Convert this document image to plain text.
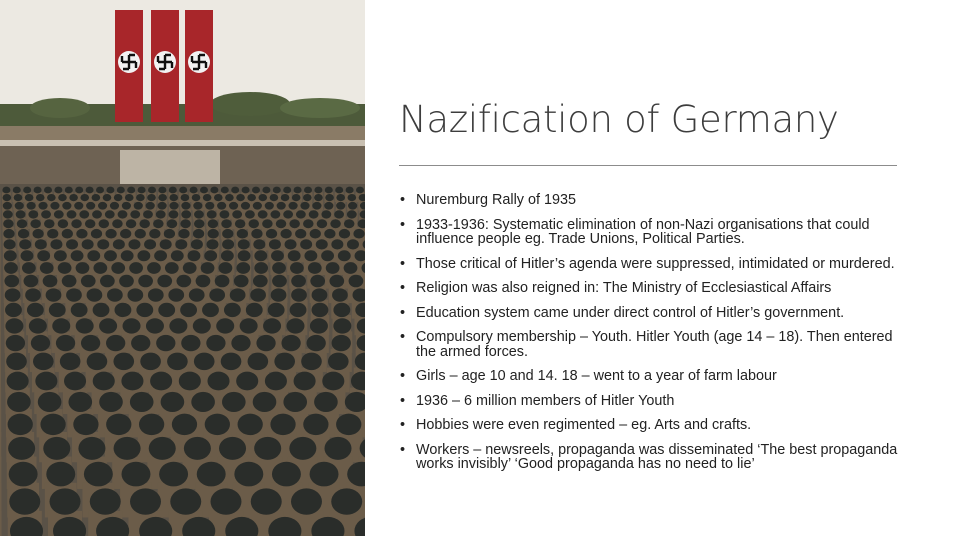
Nazification of Germany
• Nuremburg Rally of 1935
• 1933-1936: Systematic elimination of non-Nazi organisations that could influence people eg. Trade Unions, Political Parties.
• Those critical of Hitler’s agenda were suppressed, intimidated or murdered.
• Religion was also reigned in: The Ministry of Ecclesiastical Affairs
• Education system came under direct control of Hitler’s government.
• Compulsory membership – Youth. Hitler Youth (age 14 – 18). Then entered the armed forces.
• Girls – age 10 and 14. 18 – went to a year of farm labour
• 1936 – 6 million members of Hitler Youth
• Hobbies were even regimented – eg. Arts and crafts.
• Workers – newsreels, propaganda was disseminated ‘The best propaganda works invisibly’ ‘Good propaganda has no need to lie’
